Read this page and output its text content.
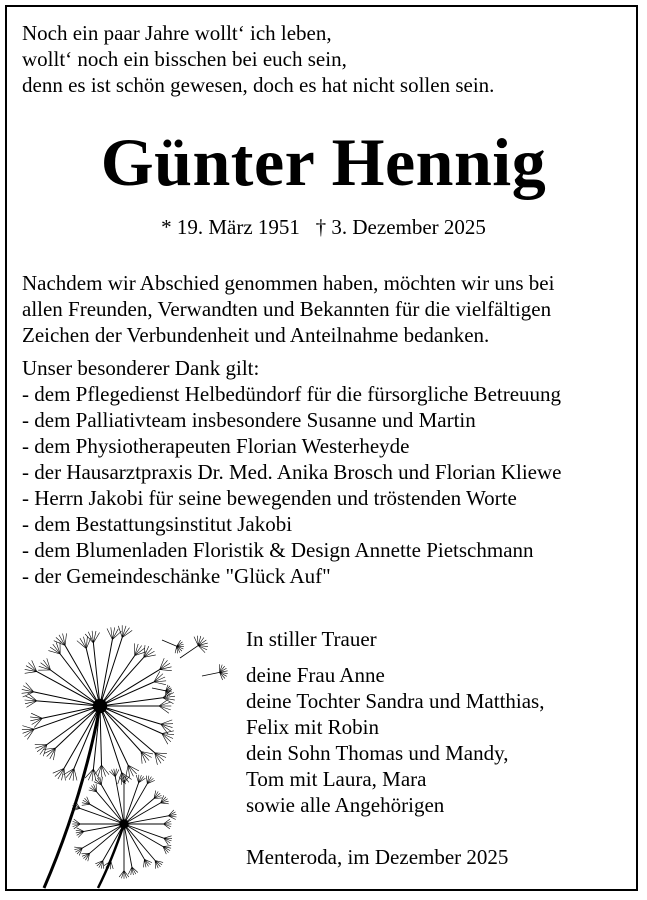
Noch ein paar Jahre wollt‘ ich leben,
wollt‘ noch ein bisschen bei euch sein,
denn es ist schön gewesen, doch es hat nicht sollen sein.
Günter Hennig
* 19. März 1951   † 3. Dezember 2025
Nachdem wir Abschied genommen haben, möchten wir uns bei
allen Freunden, Verwandten und Bekannten für die vielfältigen
Zeichen der Verbundenheit und Anteilnahme bedanken.
Unser besonderer Dank gilt:
- dem Pflegedienst Helbedündorf für die fürsorgliche Betreuung
- dem Palliativteam insbesondere Susanne und Martin
- dem Physiotherapeuten Florian Westerheyde
- der Hausarztpraxis Dr. Med. Anika Brosch und Florian Kliewe
- Herrn Jakobi für seine bewegenden und tröstenden Worte
- dem Bestattungsinstitut Jakobi
- dem Blumenladen Floristik & Design Annette Pietschmann
- der Gemeindeschänke "Glück Auf"
In stiller Trauer
deine Frau Anne
deine Tochter Sandra und Matthias,
Felix mit Robin
dein Sohn Thomas und Mandy,
Tom mit Laura, Mara
sowie alle Angehörigen
Menteroda, im Dezember 2025
